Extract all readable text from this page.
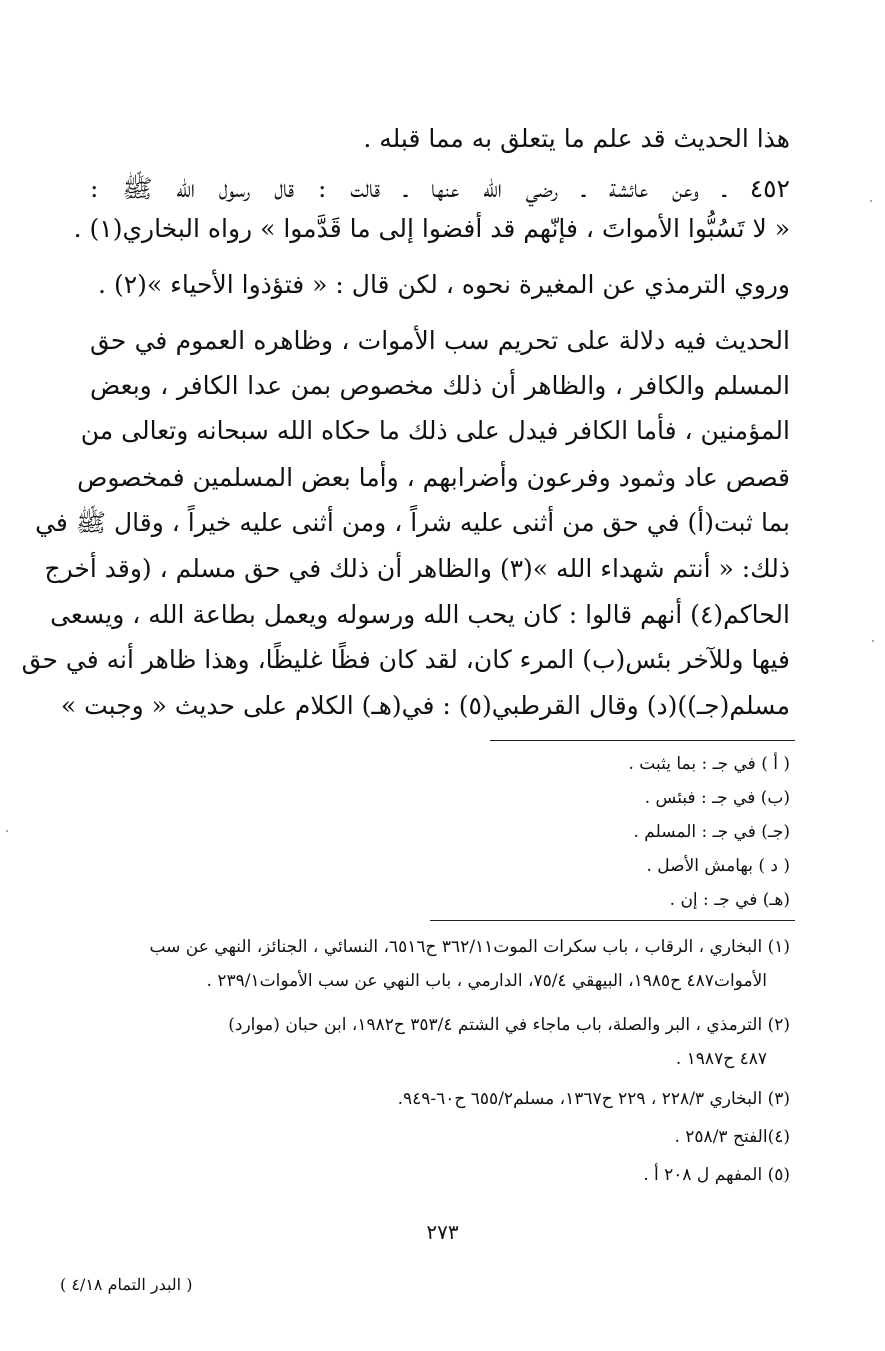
هذا الحديث قد علم ما يتعلق به مما قبله .
٤٥٢ ـ وعن عائشة ـ رضي الله عنها ـ قالت : قال رسول الله ﷺ :
« لا تَسُبُّوا الأمواتَ ، فإنّهم قد أفضوا إلى ما قَدَّموا » رواه البخاري(١) .
وروي الترمذي عن المغيرة نحوه ، لكن قال : « فتؤذوا الأحياء »(٢) .
الحديث فيه دلالة على تحريم سب الأموات ، وظاهره العموم في حق
المسلم والكافر ، والظاهر أن ذلك مخصوص بمن عدا الكافر ، وبعض
المؤمنين ، فأما الكافر فيدل على ذلك ما حكاه الله سبحانه وتعالى من
قصص عاد وثمود وفرعون وأضرابهم ، وأما بعض المسلمين فمخصوص
بما ثبت(أ) في حق من أثنى عليه شراً ، ومن أثنى عليه خيراً ، وقال ﷺ في
ذلك: « أنتم شهداء الله »(٣) والظاهر أن ذلك في حق مسلم ، (وقد أخرج
الحاكم(٤) أنهم قالوا : كان يحب الله ورسوله ويعمل بطاعة الله ، ويسعى
فيها وللآخر بئس(ب) المرء كان، لقد كان فظًا غليظًا، وهذا ظاهر أنه في حق
مسلم(جـ))(د) وقال القرطبي(٥) : في(هـ) الكلام على حديث « وجبت »
( أ ) في جـ : بما يثبت .
(ب) في جـ : فبئس .
(جـ) في جـ : المسلم .
( د ) بهامش الأصل .
(هـ) في جـ : إن .
(١) البخاري ، الرقاب ، باب سكرات الموت٣٦٢/١١ ح٦٥١٦، النسائي ، الجنائز، النهي عن سب
الأموات٤٨٧ ح١٩٨٥، البيهقي ٧٥/٤، الدارمي ، باب النهي عن سب الأموات٢٣٩/١ .
(٢) الترمذي ، البر والصلة، باب ماجاء في الشتم ٣٥٣/٤ ح١٩٨٢، ابن حبان (موارد)
٤٨٧ ح١٩٨٧ .
(٣) البخاري ٢٢٨/٣ ، ٢٢٩ ح١٣٦٧، مسلم٦٥٥/٢ ح٦٠-٩٤٩.
(٤)الفتح ٢٥٨/٣ .
(٥) المفهم ل ٢٠٨ أ .
٢٧٣
( البدر التمام ٤/١٨ )
